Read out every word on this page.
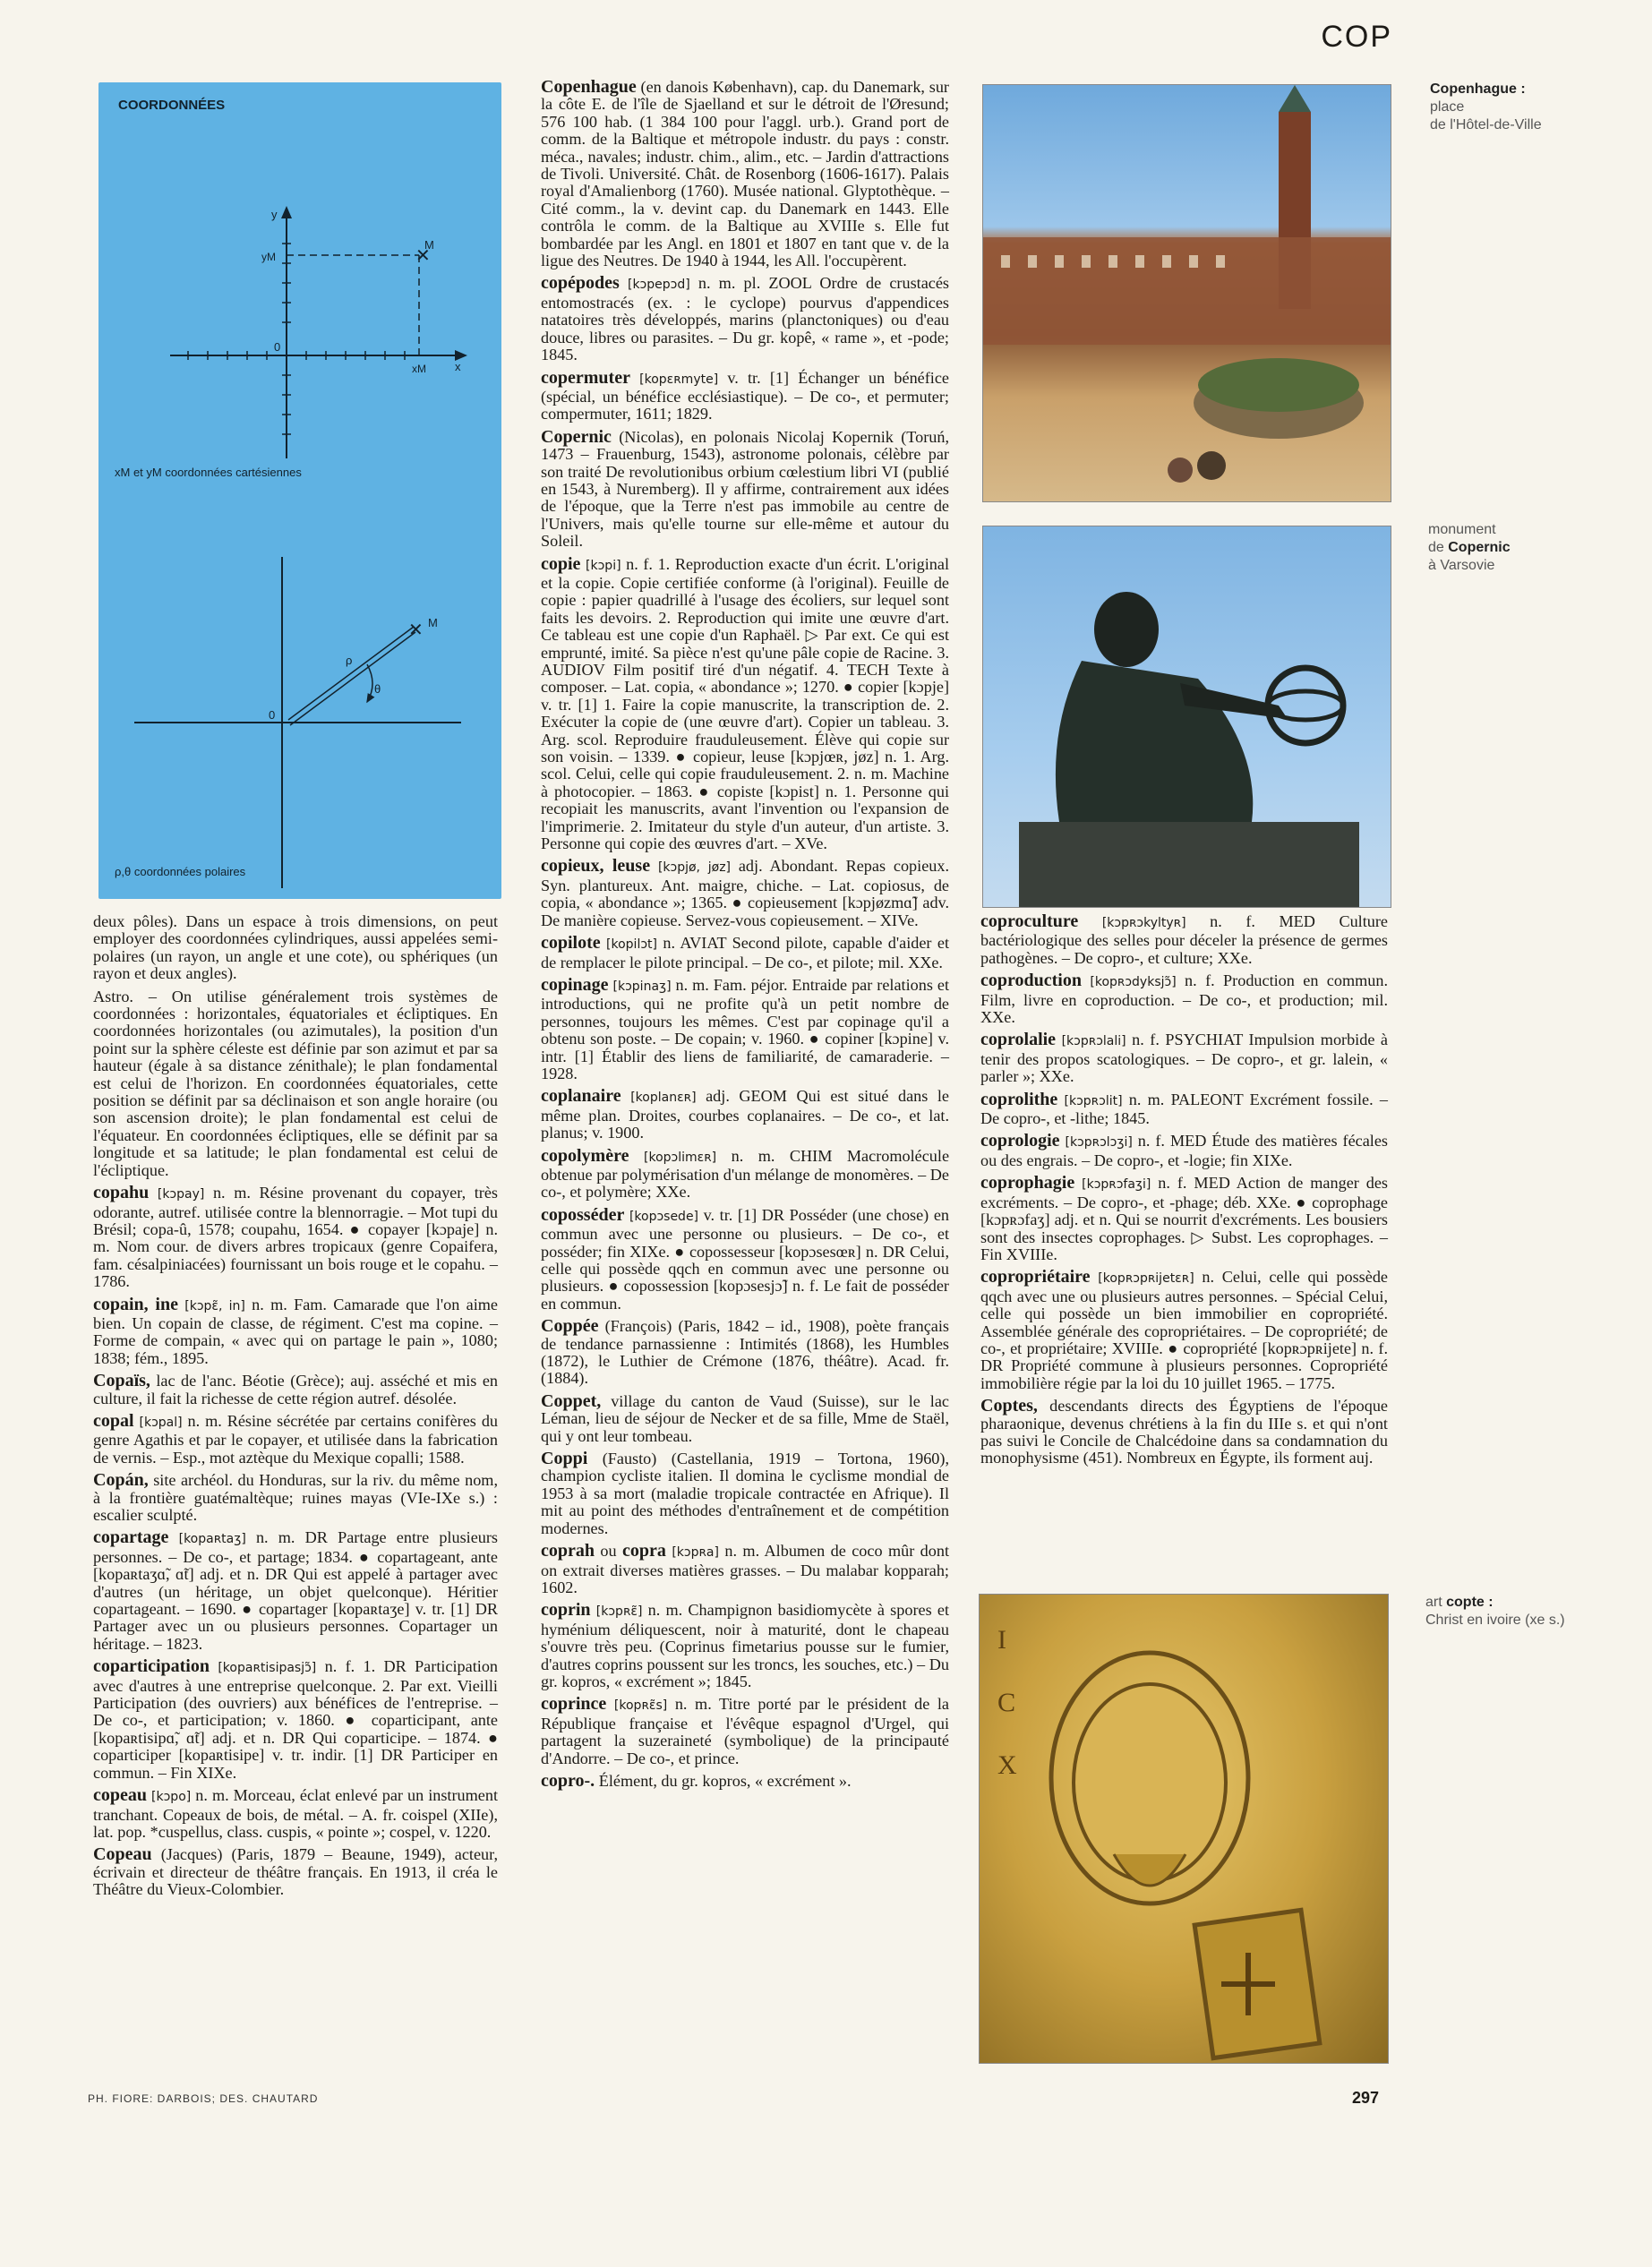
COP
COORDONNÉES
✕
M
y
yM
0
xM x
xM et yM coordonnées cartésiennes
✕ M
ρ
θ
0
ρ,θ coordonnées polaires

deux pôles). Dans un espace à trois dimensions, on peut employer des coordonnées cylindriques, aussi appelées semi-polaires (un rayon, un angle et une cote), ou sphériques (un rayon et deux angles).

Astro. – On utilise généralement trois systèmes de coordonnées : horizontales, équatoriales et écliptiques. En coordonnées horizontales (ou azimutales), la position d'un point sur la sphère céleste est définie par son azimut et par sa hauteur (égale à sa distance zénithale); le plan fondamental est celui de l'horizon. En coordonnées équatoriales, cette position se définit par sa déclinaison et son angle horaire (ou son ascension droite); le plan fondamental est celui de l'équateur. En coordonnées écliptiques, elle se définit par sa longitude et sa latitude; le plan fondamental est celui de l'écliptique.

copahu [kɔpay] n. m. Résine provenant du copayer, très odorante, autref. utilisée contre la blennorragie. – Mot tupi du Brésil; copa-û, 1578; coupahu, 1654. ● copayer [kɔpaje] n. m. Nom cour. de divers arbres tropicaux (genre Copaifera, fam. césalpiniacées) fournissant un bois rouge et le copahu. – 1786.

copain, ine [kɔpɛ̃, in] n. m. Fam. Camarade que l'on aime bien. Un copain de classe, de régiment. C'est ma copine. – Forme de compain, « avec qui on partage le pain », 1080; 1838; fém., 1895.

Copaïs, lac de l'anc. Béotie (Grèce); auj. asséché et mis en culture, il fait la richesse de cette région autref. désolée.

copal [kɔpal] n. m. Résine sécrétée par certains conifères du genre Agathis et par le copayer, et utilisée dans la fabrication de vernis. – Esp., mot aztèque du Mexique copalli; 1588.

Copán, site archéol. du Honduras, sur la riv. du même nom, à la frontière guatémaltèque; ruines mayas (VIe-IXe s.) : escalier sculpté.

copartage [kopaʀtaʒ] n. m. DR Partage entre plusieurs personnes. – De co-, et partage; 1834. ● copartageant, ante [kopaʀtaʒɑ̃, ɑ̃t] adj. et n. DR Qui est appelé à partager avec d'autres (un héritage, un objet quelconque). Héritier copartageant. – 1690. ● copartager [kopaʀtaʒe] v. tr. [1] DR Partager avec un ou plusieurs personnes. Copartager un héritage. – 1823.

coparticipation [kopaʀtisipasjɔ̃] n. f. 1. DR Participation avec d'autres à une entreprise quelconque. 2. Par ext. Vieilli Participation (des ouvriers) aux bénéfices de l'entreprise. – De co-, et participation; v. 1860. ● coparticipant, ante [kopaʀtisipɑ̃, ɑ̃t] adj. et n. DR Qui coparticipe. – 1874. ● coparticiper [kopaʀtisipe] v. tr. indir. [1] DR Participer en commun. – Fin XIXe.

copeau [kɔpo] n. m. Morceau, éclat enlevé par un instrument tranchant. Copeaux de bois, de métal. – A. fr. coispel (XIIe), lat. pop. *cuspellus, class. cuspis, « pointe »; cospel, v. 1220.

Copeau (Jacques) (Paris, 1879 – Beaune, 1949), acteur, écrivain et directeur de théâtre français. En 1913, il créa le Théâtre du Vieux-Colombier.

Copenhague (en danois København), cap. du Danemark, sur la côte E. de l'île de Sjaelland et sur le détroit de l'Øresund; 576 100 hab. (1 384 100 pour l'aggl. urb.). Grand port de comm. de la Baltique et métropole industr. du pays : constr. méca., navales; industr. chim., alim., etc. – Jardin d'attractions de Tivoli. Université. Chât. de Rosenborg (1606-1617). Palais royal d'Amalienborg (1760). Musée national. Glyptothèque. – Cité comm., la v. devint cap. du Danemark en 1443. Elle contrôla le comm. de la Baltique au XVIIIe s. Elle fut bombardée par les Angl. en 1801 et 1807 en tant que v. de la ligue des Neutres. De 1940 à 1944, les All. l'occupèrent.

copépodes [kɔpepɔd] n. m. pl. ZOOL Ordre de crustacés entomostracés (ex. : le cyclope) pourvus d'appendices natatoires très développés, marins (planctoniques) ou d'eau douce, libres ou parasites. – Du gr. kopê, « rame », et -pode; 1845.

copermuter [kopɛʀmyte] v. tr. [1] Échanger un bénéfice (spécial, un bénéfice ecclésiastique). – De co-, et permuter; compermuter, 1611; 1829.

Copernic (Nicolas), en polonais Nicolaj Kopernik (Toruń, 1473 – Frauenburg, 1543), astronome polonais, célèbre par son traité De revolutionibus orbium cœlestium libri VI (publié en 1543, à Nuremberg). Il y affirme, contrairement aux idées de l'époque, que la Terre n'est pas immobile au centre de l'Univers, mais qu'elle tourne sur elle-même et autour du Soleil.

copie [kɔpi] n. f. 1. Reproduction exacte d'un écrit. L'original et la copie. Copie certifiée conforme (à l'original). Feuille de copie : papier quadrillé à l'usage des écoliers, sur lequel sont faits les devoirs. 2. Reproduction qui imite une œuvre d'art. Ce tableau est une copie d'un Raphaël. ▷ Par ext. Ce qui est emprunté, imité. Sa pièce n'est qu'une pâle copie de Racine. 3. AUDIOV Film positif tiré d'un négatif. 4. TECH Texte à composer. – Lat. copia, « abondance »; 1270. ● copier [kɔpje] v. tr. [1] 1. Faire la copie manuscrite, la transcription de. 2. Exécuter la copie de (une œuvre d'art). Copier un tableau. 3. Arg. scol. Reproduire frauduleusement. Élève qui copie sur son voisin. – 1339. ● copieur, leuse [kɔpjœʀ, jøz] n. 1. Arg. scol. Celui, celle qui copie frauduleusement. 2. n. m. Machine à photocopier. – 1863. ● copiste [kɔpist] n. 1. Personne qui recopiait les manuscrits, avant l'invention ou l'expansion de l'imprimerie. 2. Imitateur du style d'un auteur, d'un artiste. 3. Personne qui copie des œuvres d'art. – XVe.

copieux, leuse [kɔpjø, jøz] adj. Abondant. Repas copieux. Syn. plantureux. Ant. maigre, chiche. – Lat. copiosus, de copia, « abondance »; 1365. ● copieusement [kɔpjøzmɑ̃] adv. De manière copieuse. Servez-vous copieusement. – XIVe.

copilote [kopilɔt] n. AVIAT Second pilote, capable d'aider et de remplacer le pilote principal. – De co-, et pilote; mil. XXe.

copinage [kɔpinaʒ] n. m. Fam. péjor. Entraide par relations et introductions, qui ne profite qu'à un petit nombre de personnes, toujours les mêmes. C'est par copinage qu'il a obtenu son poste. – De copain; v. 1960. ● copiner [kɔpine] v. intr. [1] Établir des liens de familiarité, de camaraderie. – 1928.

coplanaire [koplanɛʀ] adj. GEOM Qui est situé dans le même plan. Droites, courbes coplanaires. – De co-, et lat. planus; v. 1900.

copolymère [kopɔlimɛʀ] n. m. CHIM Macromolécule obtenue par polymérisation d'un mélange de monomères. – De co-, et polymère; XXe.

coposséder [kopɔsede] v. tr. [1] DR Posséder (une chose) en commun avec une personne ou plusieurs. – De co-, et posséder; fin XIXe. ● copossesseur [kopɔsesœʀ] n. DR Celui, celle qui possède qqch en commun avec une personne ou plusieurs. ● copossession [kopɔsesjɔ̃] n. f. Le fait de posséder en commun.

Coppée (François) (Paris, 1842 – id., 1908), poète français de tendance parnassienne : Intimités (1868), les Humbles (1872), le Luthier de Crémone (1876, théâtre). Acad. fr. (1884).

Coppet, village du canton de Vaud (Suisse), sur le lac Léman, lieu de séjour de Necker et de sa fille, Mme de Staël, qui y ont leur tombeau.

Coppi (Fausto) (Castellania, 1919 – Tortona, 1960), champion cycliste italien. Il domina le cyclisme mondial de 1953 à sa mort (maladie tropicale contractée en Afrique). Il mit au point des méthodes d'entraînement et de compétition modernes.

coprah ou copra [kɔpʀa] n. m. Albumen de coco mûr dont on extrait diverses matières grasses. – Du malabar kopparah; 1602.

coprin [kɔpʀɛ̃] n. m. Champignon basidiomycète à spores et hyménium déliquescent, noir à maturité, dont le chapeau s'ouvre très peu. (Coprinus fimetarius pousse sur le fumier, d'autres coprins poussent sur les troncs, les souches, etc.) – Du gr. kopros, « excrément »; 1845.

coprince [kopʀɛ̃s] n. m. Titre porté par le président de la République française et l'évêque espagnol d'Urgel, qui partagent la suzeraineté (symbolique) de la principauté d'Andorre. – De co-, et prince.

copro-. Élément, du gr. kopros, « excrément ».

coproculture [kɔpʀɔkyltyʀ] n. f. MED Culture bactériologique des selles pour déceler la présence de germes pathogènes. – De copro-, et culture; XXe.

coproduction [kopʀɔdyksjɔ̃] n. f. Production en commun. Film, livre en coproduction. – De co-, et production; mil. XXe.

coprolalie [kɔpʀɔlali] n. f. PSYCHIAT Impulsion morbide à tenir des propos scatologiques. – De copro-, et gr. lalein, « parler »; XXe.

coprolithe [kɔpʀɔlit] n. m. PALEONT Excrément fossile. – De copro-, et -lithe; 1845.

coprologie [kɔpʀɔlɔʒi] n. f. MED Étude des matières fécales ou des engrais. – De copro-, et -logie; fin XIXe.

coprophagie [kɔpʀɔfaʒi] n. f. MED Action de manger des excréments. – De copro-, et -phage; déb. XXe. ● coprophage [kɔpʀɔfaʒ] adj. et n. Qui se nourrit d'excréments. Les bousiers sont des insectes coprophages. ▷ Subst. Les coprophages. – Fin XVIIIe.

copropriétaire [kopʀɔpʀijetɛʀ] n. Celui, celle qui possède qqch avec une ou plusieurs autres personnes. – Spécial Celui, celle qui possède un bien immobilier en copropriété. Assemblée générale des copropriétaires. – De copropriété; de co-, et propriétaire; XVIIIe. ● copropriété [kopʀɔpʀijete] n. f. DR Propriété commune à plusieurs personnes. Copropriété immobilière régie par la loi du 10 juillet 1965. – 1775.

Coptes, descendants directs des Égyptiens de l'époque pharaonique, devenus chrétiens à la fin du IIIe s. et qui n'ont pas suivi le Concile de Chalcédoine dans sa condamnation du monophysisme (451). Nombreux en Égypte, ils forment auj.

I
Ϲ
X
Copenhague :
place
de l'Hôtel-de-Ville
monument
de Copernic
à Varsovie
art copte :
Christ en ivoire (xe s.)
PH. FIORE: DARBOIS; DES. CHAUTARD	297
